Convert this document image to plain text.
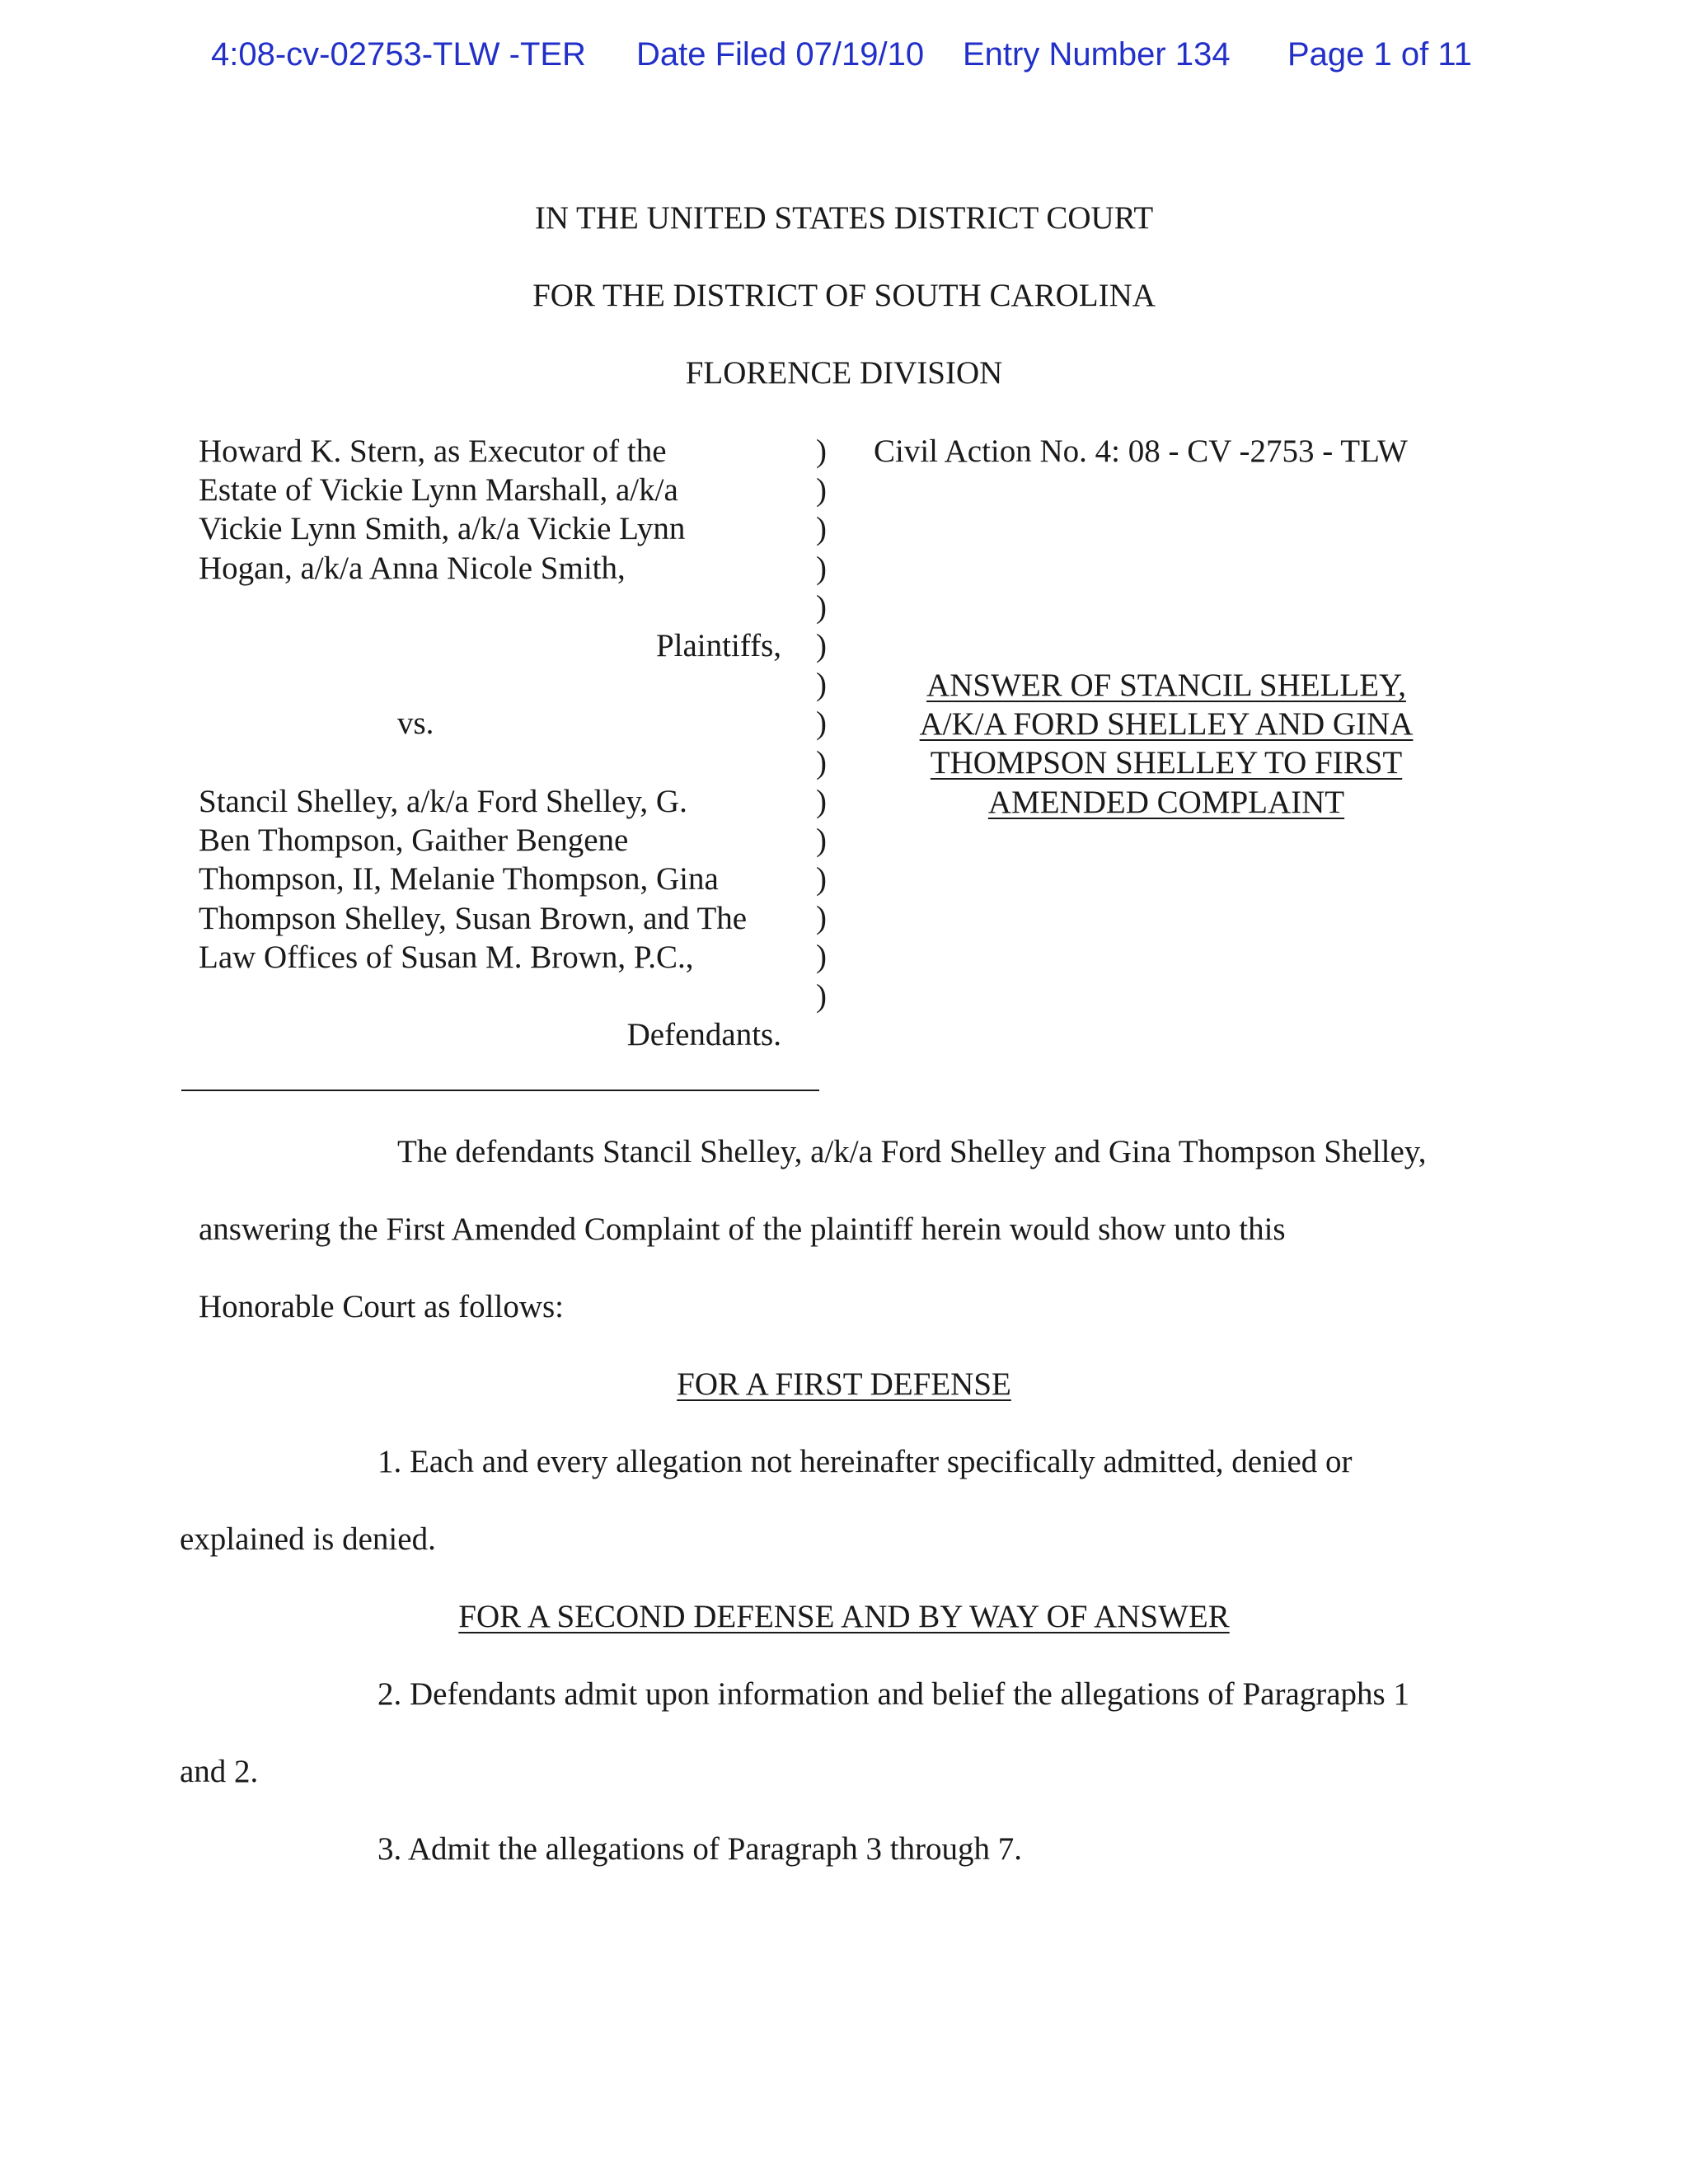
4:08-cv-02753-TLW -TER Date Filed 07/19/10 Entry Number 134 Page 1 of 11
IN THE UNITED STATES DISTRICT COURT
FOR THE DISTRICT OF SOUTH CAROLINA
FLORENCE DIVISION
Howard K. Stern, as Executor of the
Estate of Vickie Lynn Marshall, a/k/a
Vickie Lynn Smith, a/k/a Vickie Lynn
Hogan, a/k/a Anna Nicole Smith,
Plaintiffs,
vs.
Stancil Shelley, a/k/a Ford Shelley, G.
Ben Thompson, Gaither Bengene
Thompson, II, Melanie Thompson, Gina
Thompson Shelley, Susan Brown, and The
Law Offices of Susan M. Brown, P.C.,
Defendants.
)
)
)
)
)
)
)
)
)
)
)
)
)
)
)
Civil Action No. 4: 08 - CV -2753 - TLW
ANSWER OF STANCIL SHELLEY,
A/K/A FORD SHELLEY AND GINA
THOMPSON SHELLEY TO FIRST
AMENDED COMPLAINT
The defendants Stancil Shelley, a/k/a Ford Shelley and Gina Thompson Shelley,
answering the First Amended Complaint of the plaintiff herein would show unto this
Honorable Court as follows:
FOR A FIRST DEFENSE
1. Each and every allegation not hereinafter specifically admitted, denied or
explained is denied.
FOR A SECOND DEFENSE AND BY WAY OF ANSWER
2. Defendants admit upon information and belief the allegations of Paragraphs 1
and 2.
3. Admit the allegations of Paragraph 3 through 7.
